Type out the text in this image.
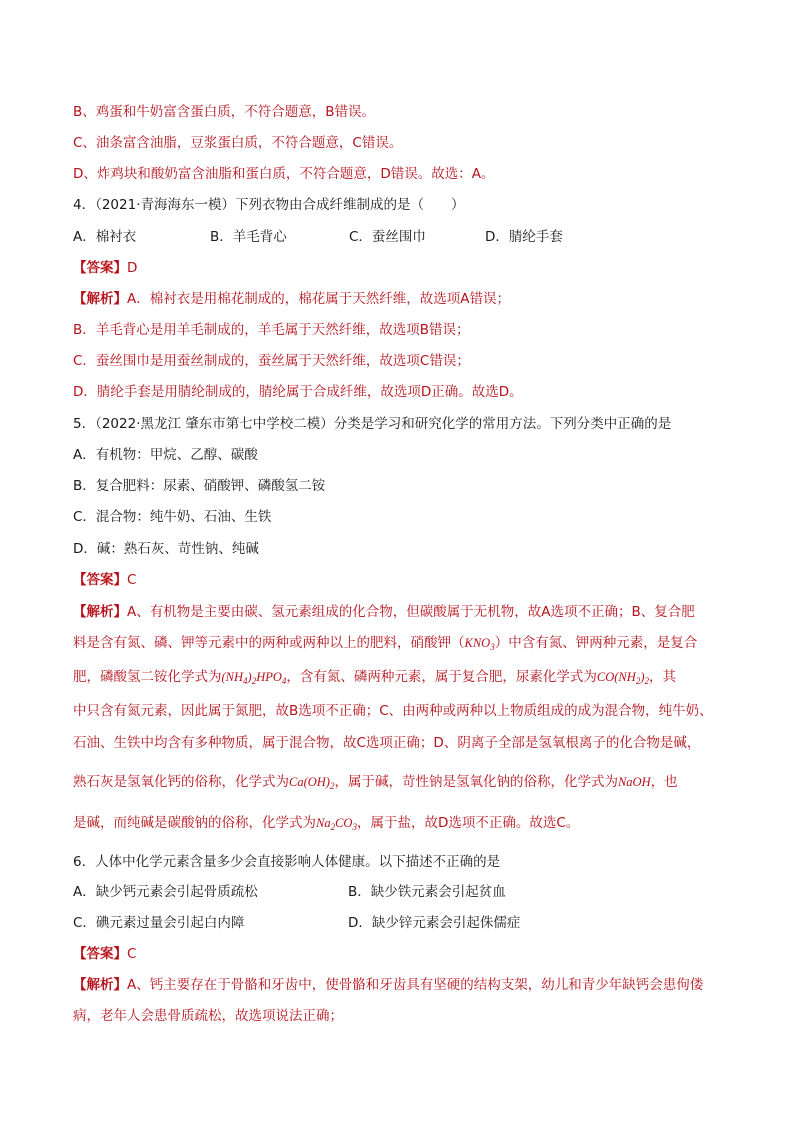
B、鸡蛋和牛奶富含蛋白质，不符合题意，B错误。
C、油条富含油脂，豆浆蛋白质，不符合题意，C错误。
D、炸鸡块和酸奶富含油脂和蛋白质，不符合题意，D错误。故选：A。
4．（2021·青海海东一模）下列衣物由合成纤维制成的是（　　）
A．棉衬衣	B．羊毛背心	C．蚕丝围巾	D．腈纶手套
【答案】D
【解析】A．棉衬衣是用棉花制成的，棉花属于天然纤维，故选项A错误；
B．羊毛背心是用羊毛制成的，羊毛属于天然纤维，故选项B错误；
C．蚕丝围巾是用蚕丝制成的，蚕丝属于天然纤维，故选项C错误；
D．腈纶手套是用腈纶制成的，腈纶属于合成纤维，故选项D正确。故选D。
5．（2022·黑龙江 肇东市第七中学校二模）分类是学习和研究化学的常用方法。下列分类中正确的是
A．有机物：甲烷、乙醇、碳酸
B．复合肥料：尿素、硝酸钾、磷酸氢二铵
C．混合物：纯牛奶、石油、生铁
D．碱：熟石灰、苛性钠、纯碱
【答案】C
【解析】A、有机物是主要由碳、氢元素组成的化合物，但碳酸属于无机物，故A选项不正确；B、复合肥
料是含有氮、磷、钾等元素中的两种或两种以上的肥料，硝酸钾$(KNO_3)$中含有氮、钾两种元素，是复合
肥，磷酸氢二铵化学式为$(NH_4)_2HPO_4$，含有氮、磷两种元素，属于复合肥，尿素化学式为$CO(NH_2)_2$，其
中只含有氮元素，因此属于氮肥，故B选项不正确；C、由两种或两种以上物质组成的成为混合物，纯牛奶、
石油、生铁中均含有多种物质，属于混合物，故C选项正确；D、阴离子全部是氢氧根离子的化合物是碱，
熟石灰是氢氧化钙的俗称，化学式为$Ca(OH)_2$，属于碱，苛性钠是氢氧化钠的俗称，化学式为NaOH，也
是碱，而纯碱是碳酸钠的俗称，化学式为$Na_2CO_3$，属于盐，故D选项不正确。故选C。
6．人体中化学元素含量多少会直接影响人体健康。以下描述不正确的是
A．缺少钙元素会引起骨质疏松	B．缺少铁元素会引起贫血
C．碘元素过量会引起白内障	D．缺少锌元素会引起侏儒症
【答案】C
【解析】A、钙主要存在于骨骼和牙齿中，使骨骼和牙齿具有坚硬的结构支架，幼儿和青少年缺钙会患佝偻
病，老年人会患骨质疏松，故选项说法正确；
